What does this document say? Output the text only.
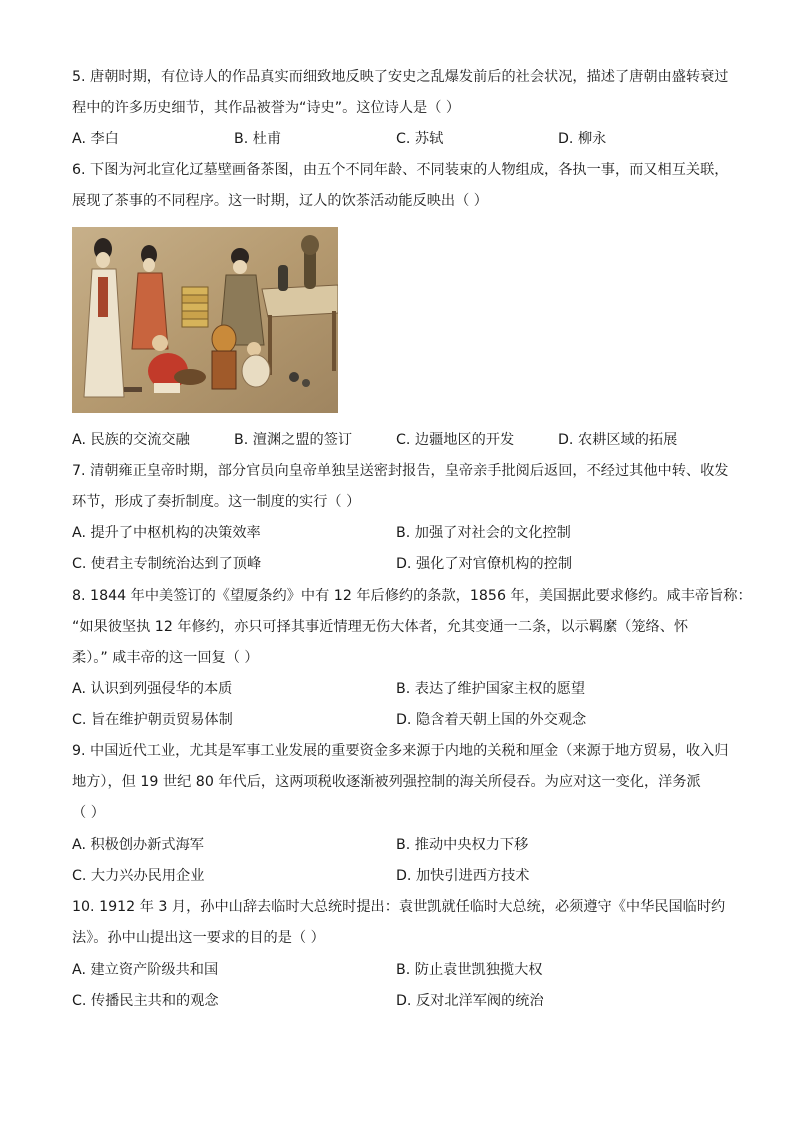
5. 唐朝时期，有位诗人的作品真实而细致地反映了安史之乱爆发前后的社会状况，描述了唐朝由盛转衰过
程中的许多历史细节，其作品被誉为“诗史”。这位诗人是（ ）
A. 李白	B. 杜甫	C. 苏轼	D. 柳永
6. 下图为河北宣化辽墓壁画备茶图，由五个不同年龄、不同装束的人物组成，各执一事，而又相互关联，
展现了茶事的不同程序。这一时期，辽人的饮茶活动能反映出（ ）
A. 民族的交流交融	B. 澶渊之盟的签订	C. 边疆地区的开发	D. 农耕区域的拓展
7. 清朝雍正皇帝时期，部分官员向皇帝单独呈送密封报告，皇帝亲手批阅后返回，不经过其他中转、收发
环节，形成了奏折制度。这一制度的实行（ ）
A. 提升了中枢机构的决策效率	B. 加强了对社会的文化控制
C. 使君主专制统治达到了顶峰	D. 强化了对官僚机构的控制
8. 1844 年中美签订的《望厦条约》中有 12 年后修约的条款，1856 年，美国据此要求修约。咸丰帝旨称：
“如果彼坚执 12 年修约，亦只可择其事近情理无伤大体者，允其变通一二条，以示羁縻（笼络、怀
柔）。” 咸丰帝的这一回复（ ）
A. 认识到列强侵华的本质	B. 表达了维护国家主权的愿望
C. 旨在维护朝贡贸易体制	D. 隐含着天朝上国的外交观念
9. 中国近代工业，尤其是军事工业发展的重要资金多来源于内地的关税和厘金（来源于地方贸易，收入归
地方），但 19 世纪 80 年代后，这两项税收逐渐被列强控制的海关所侵吞。为应对这一变化，洋务派
（ ）
A. 积极创办新式海军	B. 推动中央权力下移
C. 大力兴办民用企业	D. 加快引进西方技术
10. 1912 年 3 月，孙中山辞去临时大总统时提出：袁世凯就任临时大总统，必须遵守《中华民国临时约
法》。孙中山提出这一要求的目的是（ ）
A. 建立资产阶级共和国	B. 防止袁世凯独揽大权
C. 传播民主共和的观念	D. 反对北洋军阀的统治
